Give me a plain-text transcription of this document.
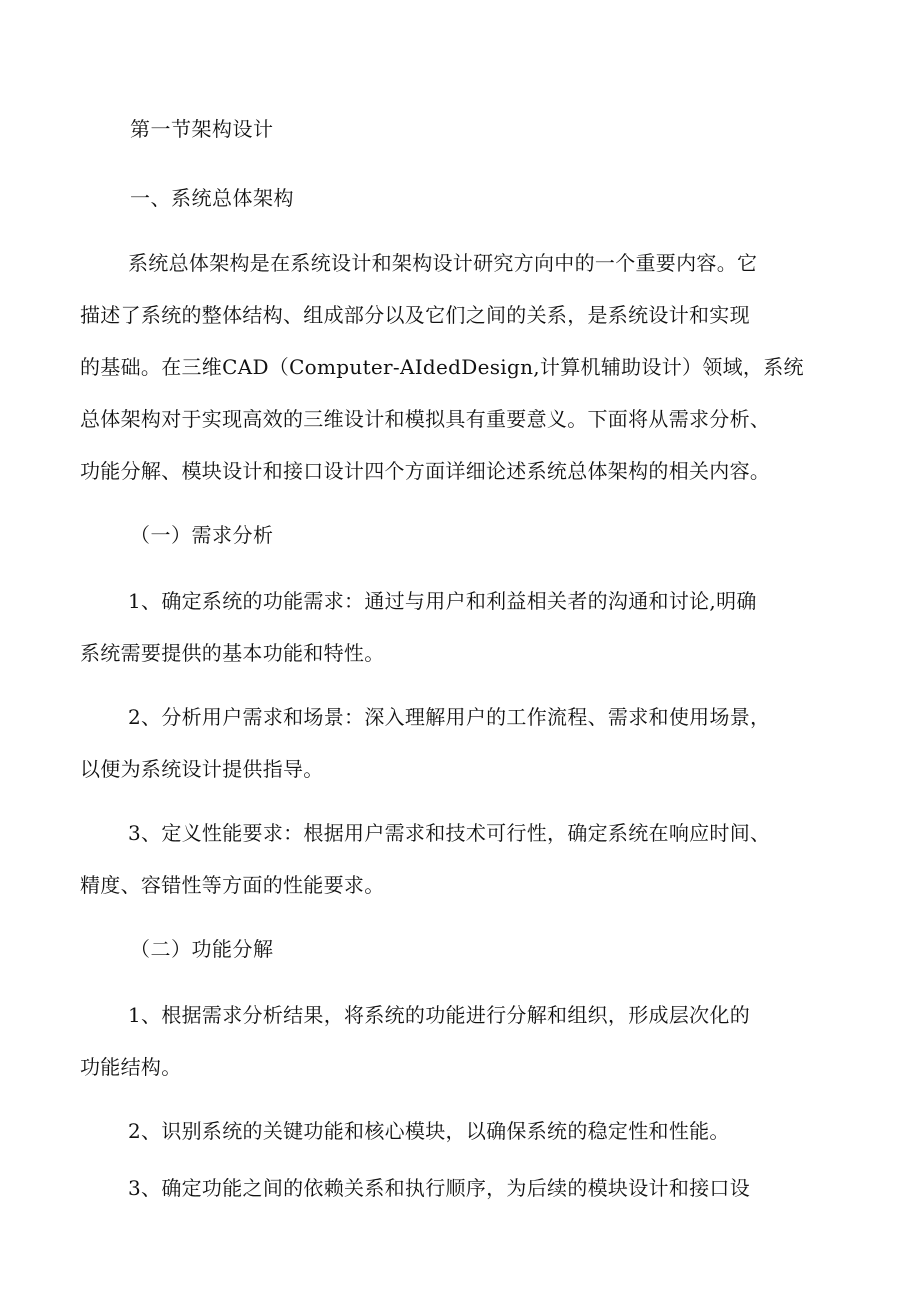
第一节架构设计

一、系统总体架构

系统总体架构是在系统设计和架构设计研究方向中的一个重要内容。它

描述了系统的整体结构、组成部分以及它们之间的关系，是系统设计和实现

的基础。在三维CAD（Computer-AIdedDesign,计算机辅助设计）领域，系统

总体架构对于实现高效的三维设计和模拟具有重要意义。下面将从需求分析、

功能分解、模块设计和接口设计四个方面详细论述系统总体架构的相关内容。

（一）需求分析

1、确定系统的功能需求：通过与用户和利益相关者的沟通和讨论,明确

系统需要提供的基本功能和特性。

2、分析用户需求和场景：深入理解用户的工作流程、需求和使用场景，

以便为系统设计提供指导。

3、定义性能要求：根据用户需求和技术可行性，确定系统在响应时间、

精度、容错性等方面的性能要求。

（二）功能分解

1、根据需求分析结果，将系统的功能进行分解和组织，形成层次化的

功能结构。

2、识别系统的关键功能和核心模块，以确保系统的稳定性和性能。

3、确定功能之间的依赖关系和执行顺序，为后续的模块设计和接口设
